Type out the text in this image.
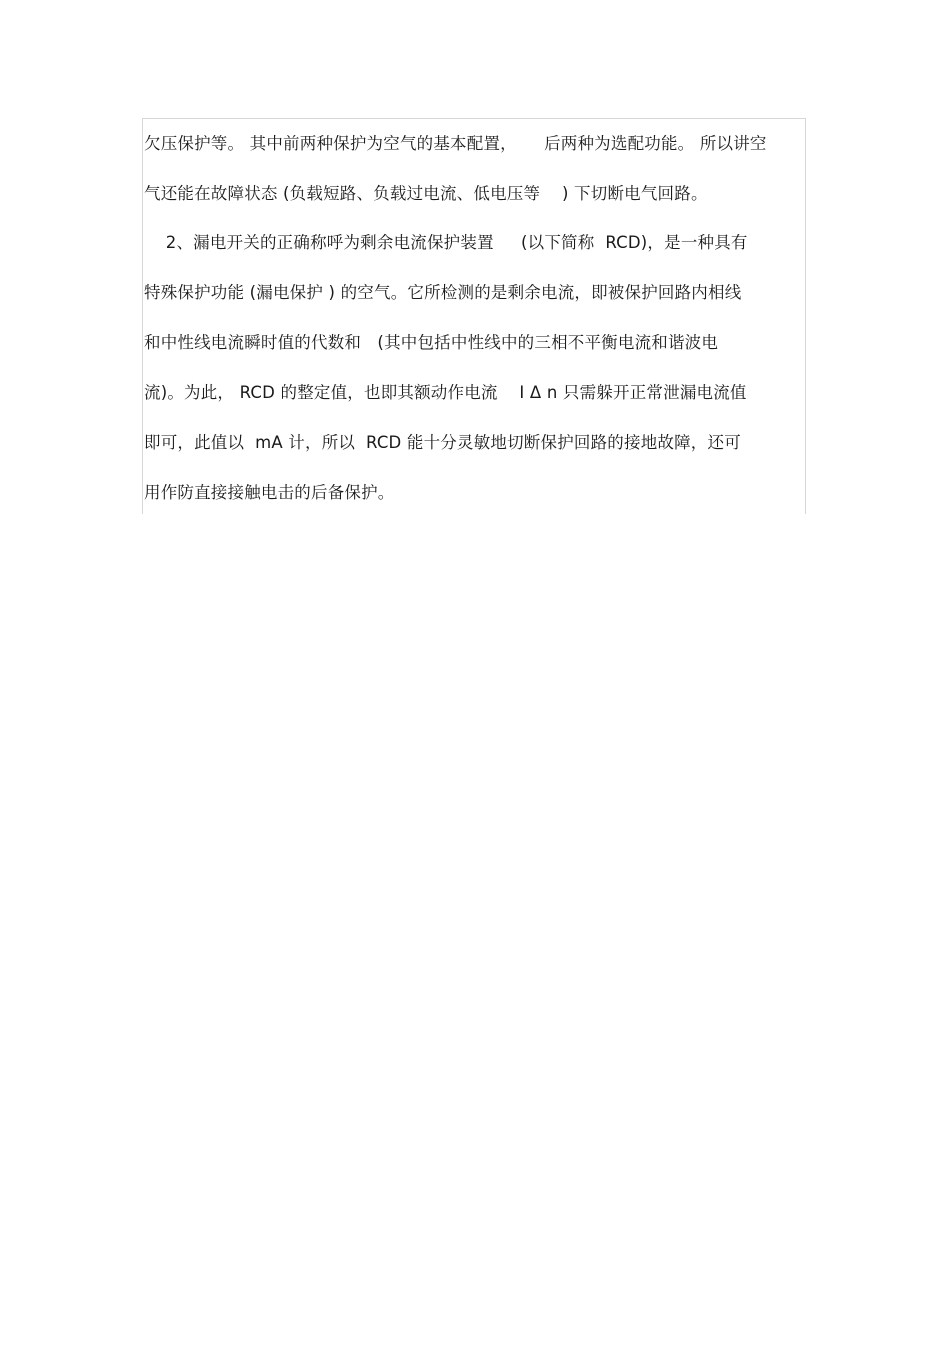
欠压保护等。 其中前两种保护为空气的基本配置，     后两种为选配功能。 所以讲空
气还能在故障状态 (负载短路、负载过电流、低电压等    ) 下切断电气回路。
2、漏电开关的正确称呼为剩余电流保护装置     (以下简称  RCD)，是一种具有
特殊保护功能 (漏电保护 ) 的空气。它所检测的是剩余电流，即被保护回路内相线
和中性线电流瞬时值的代数和   (其中包括中性线中的三相不平衡电流和谐波电
流)。为此， RCD 的整定值，也即其额动作电流    I Δ n 只需躲开正常泄漏电流值
即可，此值以  mA 计，所以  RCD 能十分灵敏地切断保护回路的接地故障，还可
用作防直接接触电击的后备保护。
